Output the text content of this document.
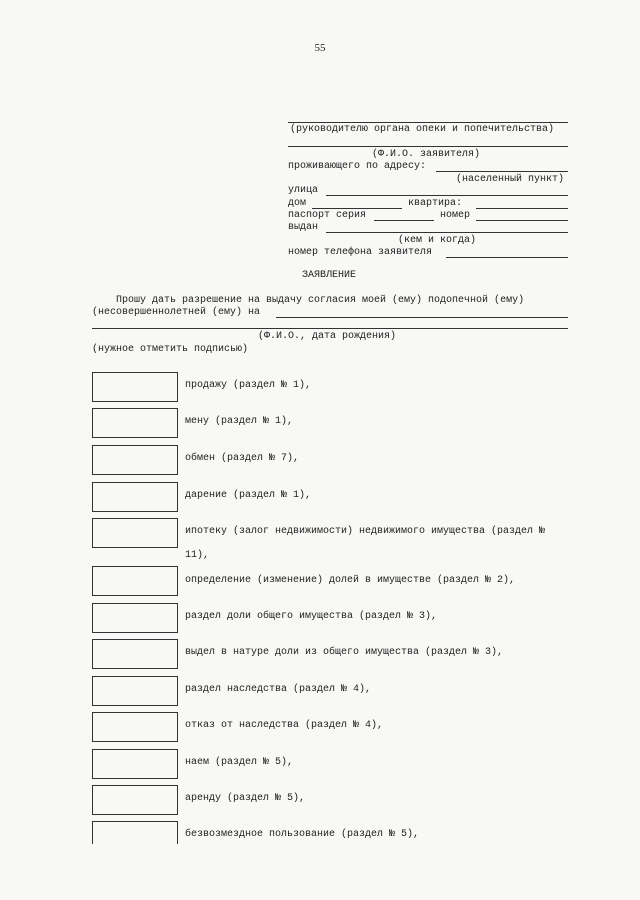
55
(руководителю органа опеки и попечительства)
(Ф.И.О. заявителя)
проживающего по адресу:
(населенный пункт)
улица
дом	квартира:
паспорт серия	номер
выдан
(кем и когда)
номер телефона заявителя
ЗАЯВЛЕНИЕ
Прошу дать разрешение на выдачу согласия моей (ему) подопечной (ему)
(несовершеннолетней (ему) на
(Ф.И.О., дата рождения)
(нужное отметить подписью)
продажу (раздел № 1),
мену (раздел № 1),
обмен (раздел № 7),
дарение (раздел № 1),
ипотеку (залог недвижимости) недвижимого имущества (раздел №
11),
определение (изменение) долей в имуществе (раздел № 2),
раздел доли общего имущества (раздел № 3),
выдел в натуре доли из общего имущества (раздел № 3),
раздел наследства (раздел № 4),
отказ от наследства (раздел № 4),
наем (раздел № 5),
аренду (раздел № 5),
безвозмездное пользование (раздел № 5),
